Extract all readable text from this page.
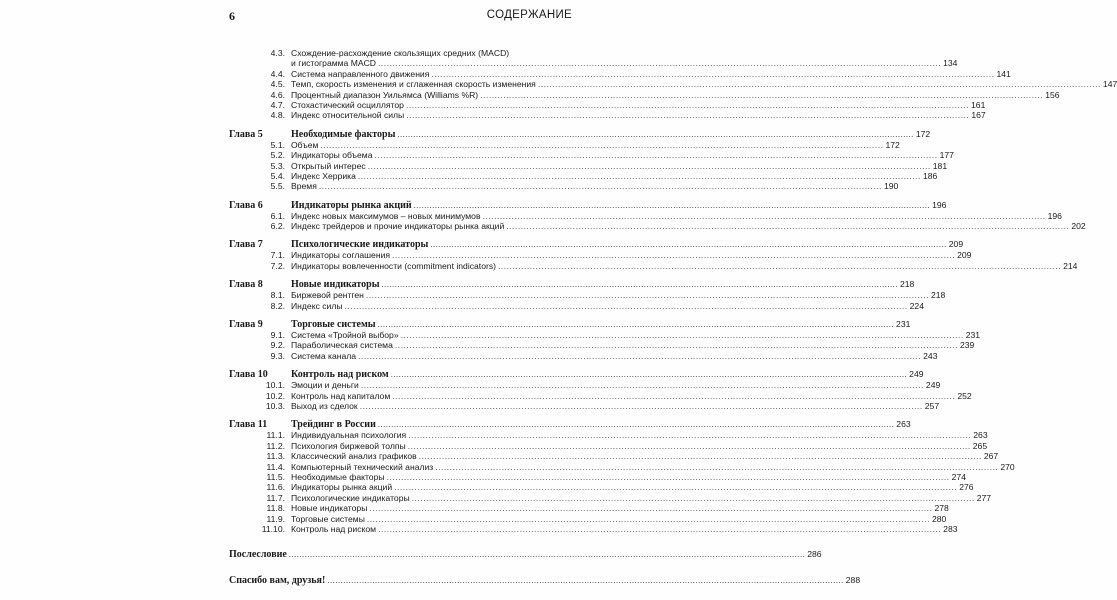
6	СОДЕРЖАНИЕ
4.3. Схождение-расхождение скользящих средних (MACD)
и гистограмма MACD .....	134
4.4. Система направленного движения .....	141
4.5. Темп, скорость изменения и сглаженная скорость изменения .....	147
4.6. Процентный диапазон Уильямса (Williams %R) .....	156
4.7. Стохастический осциллятор .....	161
4.8. Индекс относительной силы .....	167
Глава 5	Необходимые факторы .....	172
5.1. Объем .....	172
5.2. Индикаторы объема .....	177
5.3. Открытый интерес .....	181
5.4. Индекс Херрика .....	186
5.5. Время .....	190
Глава 6	Индикаторы рынка акций .....	196
6.1. Индекс новых максимумов – новых минимумов .....	196
6.2. Индекс трейдеров и прочие индикаторы рынка акций .....	202
Глава 7	Психологические индикаторы .....	209
7.1. Индикаторы соглашения .....	209
7.2. Индикаторы вовлеченности (commitment indicators) .....	214
Глава 8	Новые индикаторы .....	218
8.1. Биржевой рентген .....	218
8.2. Индекс силы .....	224
Глава 9	Торговые системы .....	231
9.1. Система «Тройной выбор» .....	231
9.2. Параболическая система .....	239
9.3. Система канала .....	243
Глава 10	Контроль над риском .....	249
10.1. Эмоции и деньги .....	249
10.2. Контроль над капиталом .....	252
10.3. Выход из сделок .....	257
Глава 11	Трейдинг в России .....	263
11.1. Индивидуальная психология .....	263
11.2. Психология биржевой толпы .....	265
11.3. Классический анализ графиков .....	267
11.4. Компьютерный технический анализ .....	270
11.5. Необходимые факторы .....	274
11.6. Индикаторы рынка акций .....	276
11.7. Психологические индикаторы .....	277
11.8. Новые индикаторы .....	278
11.9. Торговые системы .....	280
11.10. Контроль над риском .....	283
Послесловие .....	286
Спасибо вам, друзья! .....	288
